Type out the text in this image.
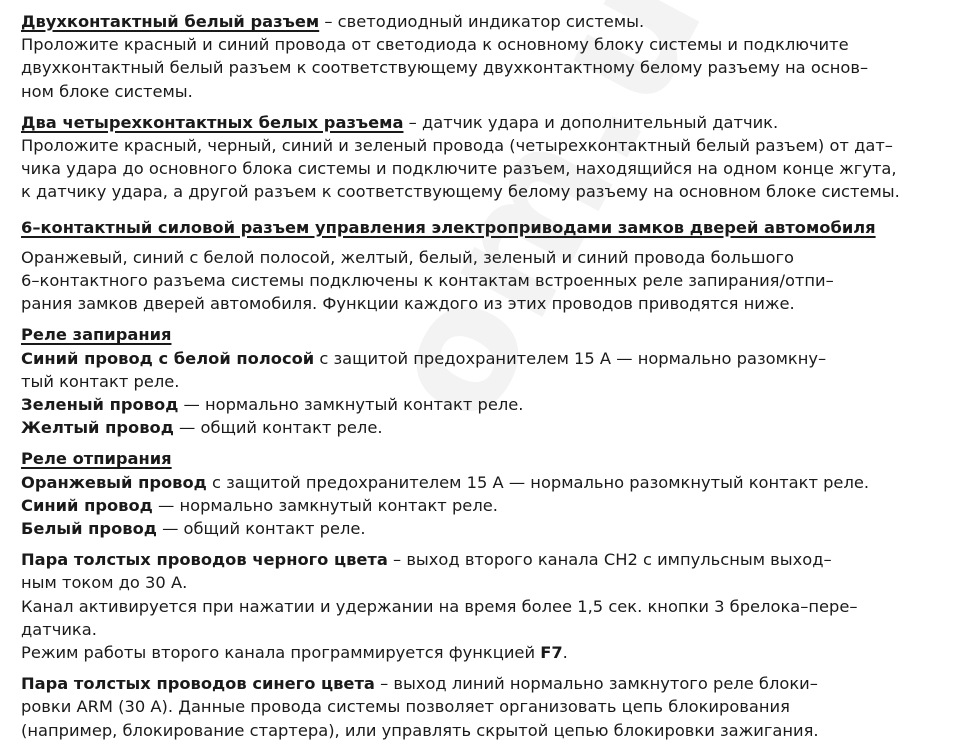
Двухконтактный белый разъем – светодиодный индикатор системы.
Проложите красный и синий провода от светодиода к основному блоку системы и подключите
двухконтактный белый разъем к соответствующему двухконтактному белому разъему на основ–
ном блоке системы.
Два четырехконтактных белых разъема – датчик удара и дополнительный датчик.
Проложите красный, черный, синий и зеленый провода (четырехконтактный белый разъем) от дат–
чика удара до основного блока системы и подключите разъем, находящийся на одном конце жгута,
к датчику удара, а другой разъем к соответствующему белому разъему на основном блоке системы.
6–контактный силовой разъем управления электроприводами замков дверей автомобиля
Оранжевый, синий с белой полосой, желтый, белый, зеленый и синий провода большого
6–контактного разъема системы подключены к контактам встроенных реле запирания/отпи–
рания замков дверей автомобиля. Функции каждого из этих проводов приводятся ниже.
Реле запирания
Синий провод с белой полосой с защитой предохранителем 15 А — нормально разомкну–
тый контакт реле.
Зеленый провод — нормально замкнутый контакт реле.
Желтый провод — общий контакт реле.
Реле отпирания
Оранжевый провод с защитой предохранителем 15 А — нормально разомкнутый контакт реле.
Синий провод — нормально замкнутый контакт реле.
Белый провод — общий контакт реле.
Пара толстых проводов черного цвета – выход второго канала CH2 с импульсным выход–
ным током до 30 А.
Канал активируется при нажатии и удержании на время более 1,5 сек. кнопки 3 брелока–пере–
датчика.
Режим работы второго канала программируется функцией F7.
Пара толстых проводов синего цвета – выход линий нормально замкнутого реле блоки–
ровки ARM (30 А). Данные провода системы позволяет организовать цепь блокирования
(например, блокирование стартера), или управлять скрытой цепью блокировки зажигания.
